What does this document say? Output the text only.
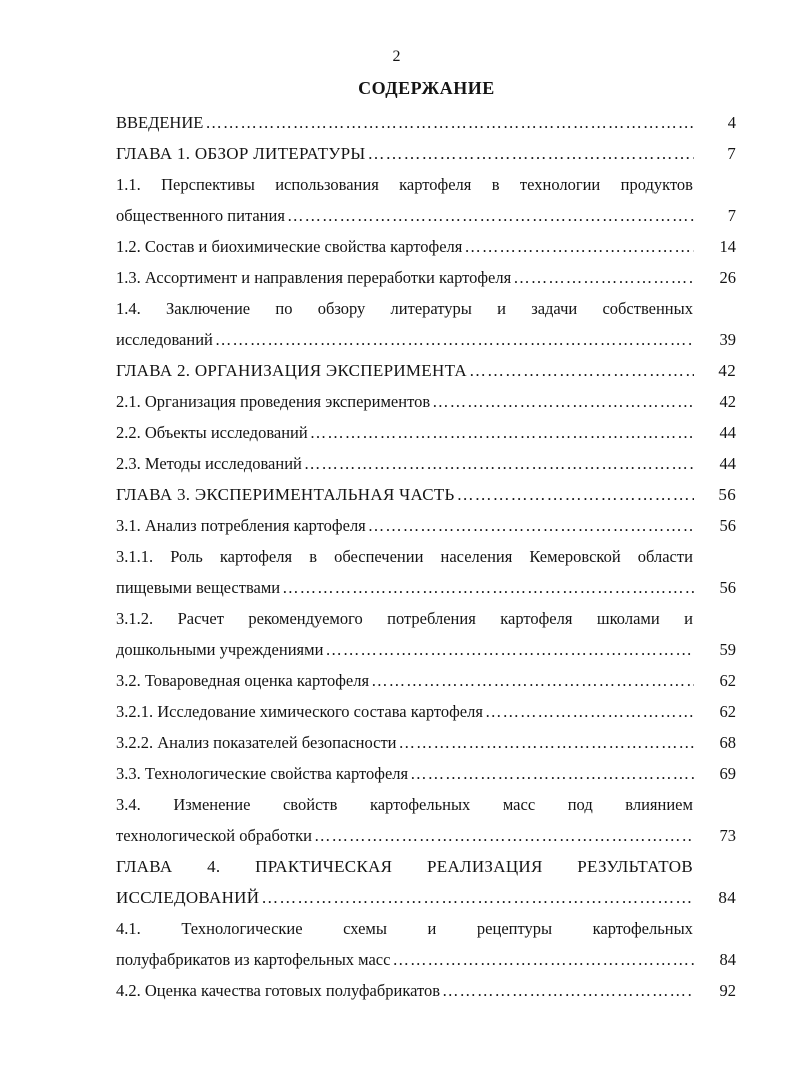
2
СОДЕРЖАНИЕ
ВВЕДЕНИЕ ……………………………………………………………………………………………………………………………………	4
ГЛАВА 1. ОБЗОР ЛИТЕРАТУРЫ ……………………………………………………………………………………………………………………………………	7
1.1. Перспективы использования картофеля в технологии продуктов
общественного питания ……………………………………………………………………………………………………………………………………	7
1.2. Состав и биохимические свойства картофеля ……………………………………………………………………………………………………………………………………	14
1.3. Ассортимент и направления переработки картофеля ……………………………………………………………………………………………………………………………………	26
1.4. Заключение по обзору литературы и задачи собственных
исследований ……………………………………………………………………………………………………………………………………	39
ГЛАВА 2. ОРГАНИЗАЦИЯ ЭКСПЕРИМЕНТА ……………………………………………………………………………………………………………………………………	42
2.1. Организация проведения экспериментов ……………………………………………………………………………………………………………………………………	42
2.2. Объекты исследований ……………………………………………………………………………………………………………………………………	44
2.3. Методы исследований ……………………………………………………………………………………………………………………………………	44
ГЛАВА 3. ЭКСПЕРИМЕНТАЛЬНАЯ ЧАСТЬ ……………………………………………………………………………………………………………………………………	56
3.1. Анализ потребления картофеля ……………………………………………………………………………………………………………………………………	56
3.1.1. Роль картофеля в обеспечении населения Кемеровской области
пищевыми веществами ……………………………………………………………………………………………………………………………………	56
3.1.2. Расчет рекомендуемого потребления картофеля школами и
дошкольными учреждениями ……………………………………………………………………………………………………………………………………	59
3.2. Товароведная оценка картофеля ……………………………………………………………………………………………………………………………………	62
3.2.1. Исследование химического состава картофеля ……………………………………………………………………………………………………………………………………	62
3.2.2. Анализ показателей безопасности ……………………………………………………………………………………………………………………………………	68
3.3. Технологические свойства картофеля ……………………………………………………………………………………………………………………………………	69
3.4. Изменение свойств картофельных масс под влиянием
технологической обработки ……………………………………………………………………………………………………………………………………	73
ГЛАВА 4. ПРАКТИЧЕСКАЯ РЕАЛИЗАЦИЯ РЕЗУЛЬТАТОВ
ИССЛЕДОВАНИЙ ……………………………………………………………………………………………………………………………………	84
4.1. Технологические схемы и рецептуры картофельных
полуфабрикатов из картофельных масс ……………………………………………………………………………………………………………………………………	84
4.2. Оценка качества готовых полуфабрикатов ……………………………………………………………………………………………………………………………………	92
